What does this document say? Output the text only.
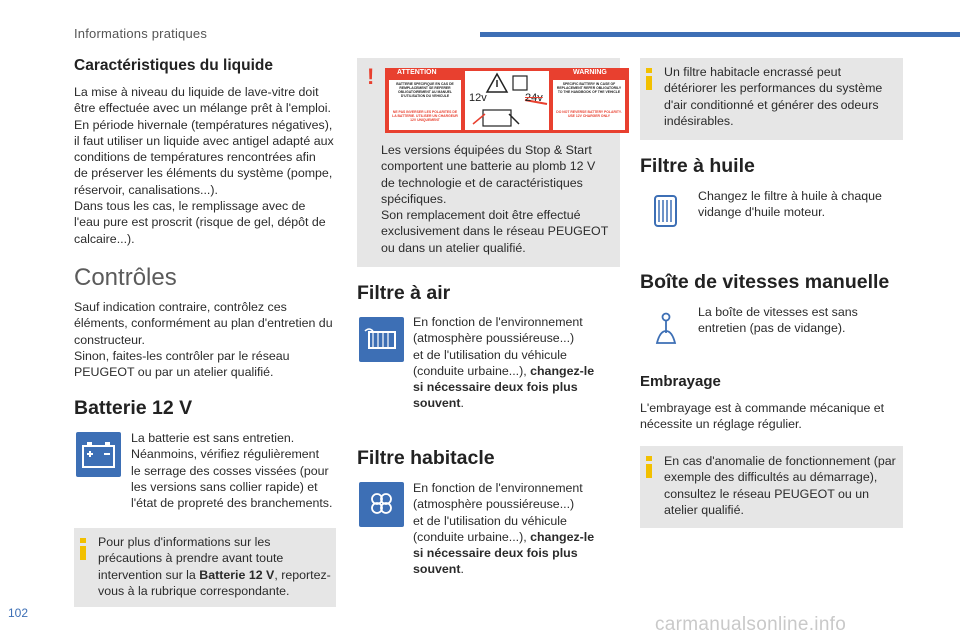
Informations pratiques
Caractéristiques du liquide

La mise à niveau du liquide de lave-vitre doit
être effectuée avec un mélange prêt à l'emploi.
En période hivernale (températures négatives),
il faut utiliser un liquide avec antigel adapté aux
conditions de températures rencontrées afin
de préserver les éléments du système (pompe,
réservoir, canalisations...).
Dans tous les cas, le remplissage avec de
l'eau pure est proscrit (risque de gel, dépôt de
calcaire...).

Contrôles

Sauf indication contraire, contrôlez ces
éléments, conformément au plan d'entretien du
constructeur.
Sinon, faites-les contrôler par le réseau
PEUGEOT ou par un atelier qualifié.

Batterie 12 V

La batterie est sans entretien.
Néanmoins, vérifiez régulièrement
le serrage des cosses vissées (pour
les versions sans collier rapide) et
l'état de propreté des branchements.

Pour plus d'informations sur les
précautions à prendre avant toute
intervention sur la Batterie 12 V, reportez-
vous à la rubrique correspondante.
!	ATTENTION	WARNING
12v	24v
BATTERIE SPECIFIQUE EN CAS DE REMPLACEMENT SE REFERER OBLIGATOIREMENT AU MANUEL D'UTILISATION DU VEHICULE
SPECIFIC BATTERY IN CASE OF REPLACEMENT REFER OBLIGATORILY TO THE HANDBOOK OF THE VEHICLE
NE PAS INVERSER LES POLARITES DE LA BATTERIE. UTILISER UN CHARGEUR 12V UNIQUEMENT
DO NOT REVERSE BATTERY POLARITY. USE 12V CHARGER ONLY
Les versions équipées du Stop & Start
comportent une batterie au plomb 12 V
de technologie et de caractéristiques
spécifiques.
Son remplacement doit être effectué
exclusivement dans le réseau PEUGEOT
ou dans un atelier qualifié.
Filtre à air

En fonction de l'environnement
(atmosphère poussiéreuse...)
et de l'utilisation du véhicule
(conduite urbaine...), changez-le
si nécessaire deux fois plus
souvent.

Filtre habitacle

En fonction de l'environnement
(atmosphère poussiéreuse...)
et de l'utilisation du véhicule
(conduite urbaine...), changez-le
si nécessaire deux fois plus
souvent.

Un filtre habitacle encrassé peut
détériorer les performances du système
d'air conditionné et générer des odeurs
indésirables.
Filtre à huile

Changez le filtre à huile à chaque
vidange d'huile moteur.

Boîte de vitesses manuelle

La boîte de vitesses est sans
entretien (pas de vidange).

Embrayage

L'embrayage est à commande mécanique et
nécessite un réglage régulier.

En cas d'anomalie de fonctionnement (par
exemple des difficultés au démarrage),
consultez le réseau PEUGEOT ou un
atelier qualifié.
102
carmanualsonline.info
